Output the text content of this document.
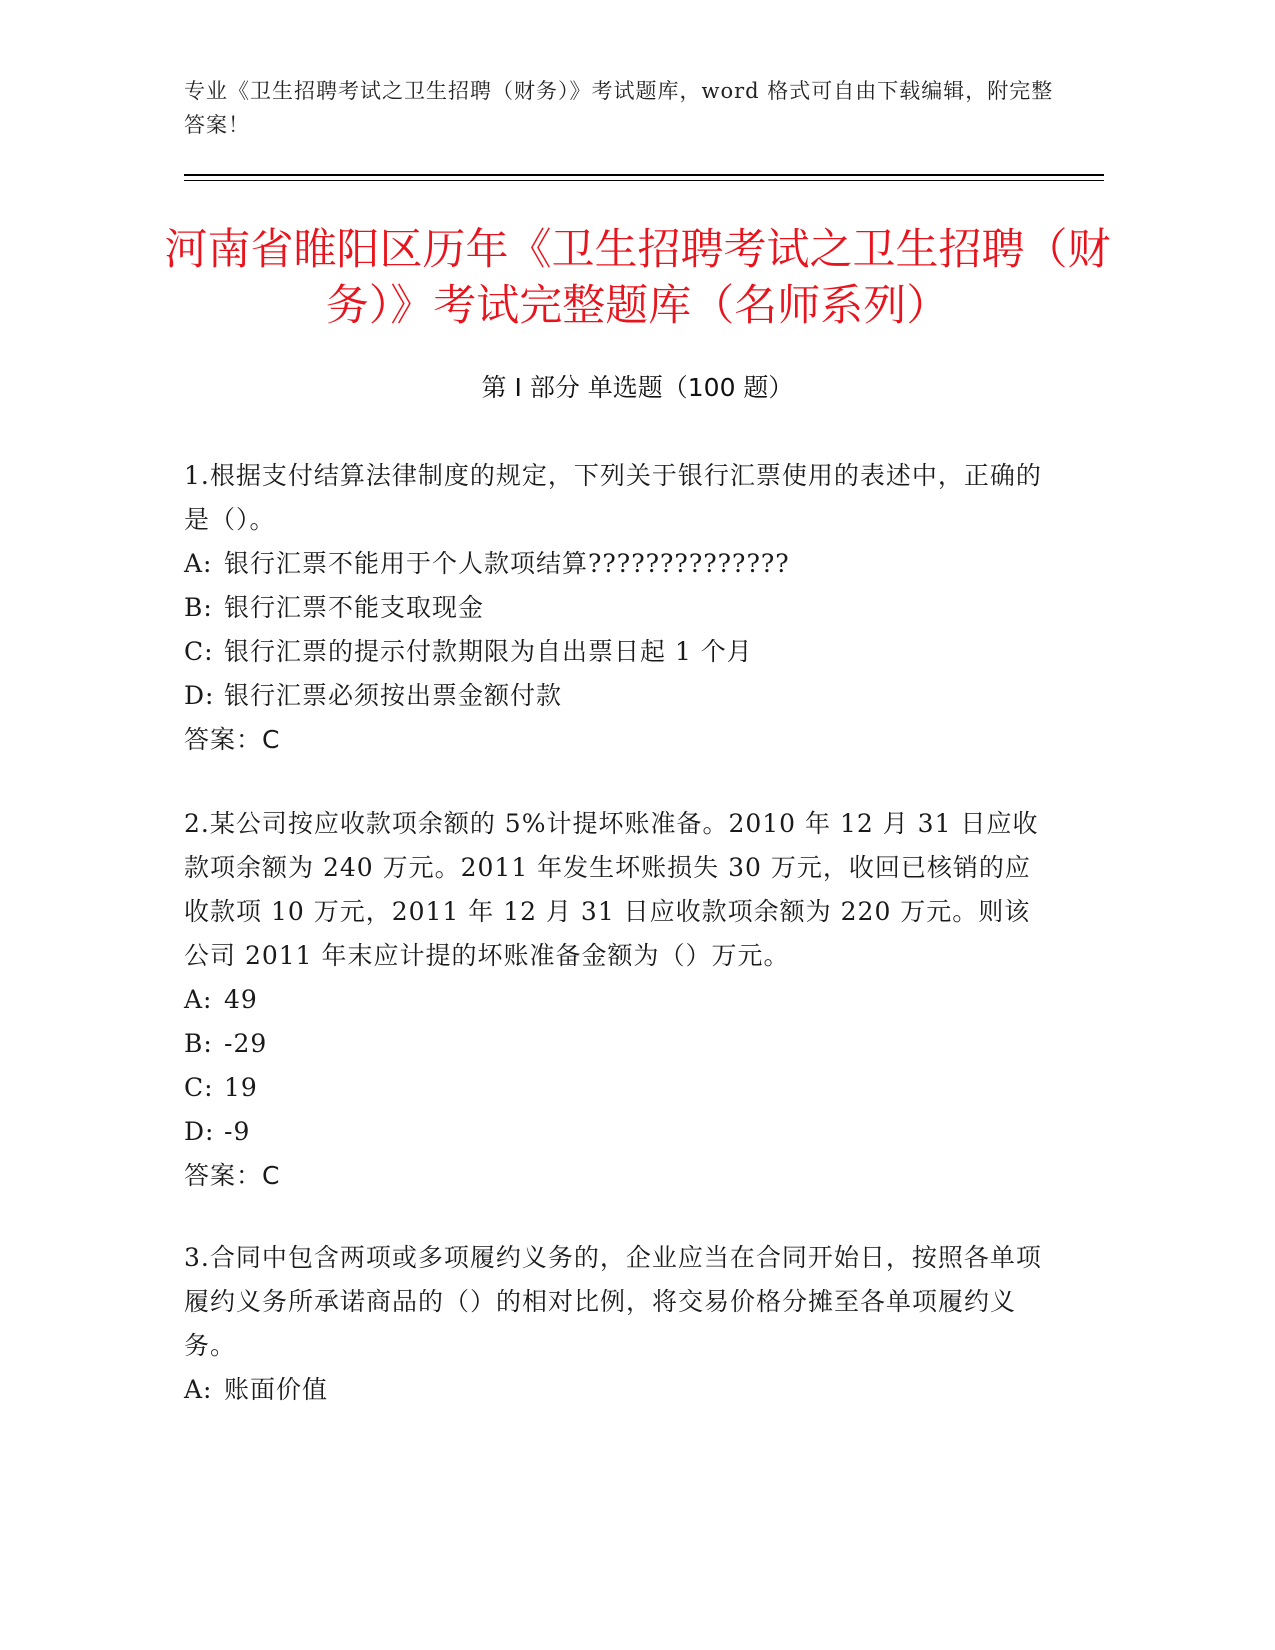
专业《卫生招聘考试之卫生招聘（财务）》考试题库，word 格式可自由下载编辑，附完整答案！
河南省睢阳区历年《卫生招聘考试之卫生招聘（财务）》考试完整题库（名师系列）
第 I 部分 单选题（100 题）

1.根据支付结算法律制度的规定，下列关于银行汇票使用的表述中，正确的是（）。

A: 银行汇票不能用于个人款项结算??????????????

B: 银行汇票不能支取现金

C: 银行汇票的提示付款期限为自出票日起 1 个月

D: 银行汇票必须按出票金额付款

答案：C

2.某公司按应收款项余额的 5%计提坏账准备。2010 年 12 月 31 日应收款项余额为 240 万元。2011 年发生坏账损失 30 万元，收回已核销的应收款项 10 万元，2011 年 12 月 31 日应收款项余额为 220 万元。则该公司 2011 年末应计提的坏账准备金额为（）万元。

A: 49

B: -29

C: 19

D: -9

答案：C

3.合同中包含两项或多项履约义务的，企业应当在合同开始日，按照各单项履约义务所承诺商品的（）的相对比例，将交易价格分摊至各单项履约义务。

A: 账面价值
